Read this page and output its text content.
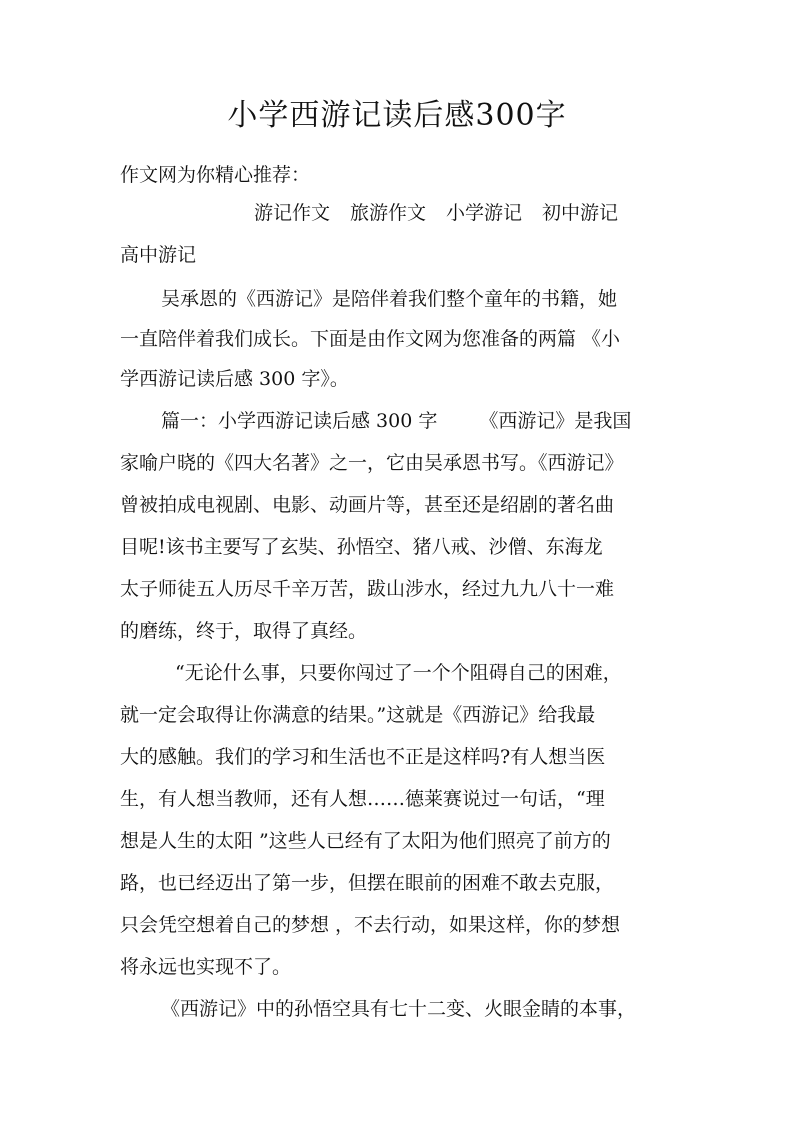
小学西游记读后感300字

作文网为你精心推荐：

游记作文 旅游作文 小学游记 初中游记

高中游记

吴承恩的《西游记》是陪伴着我们整个童年的书籍，她

一直陪伴着我们成长。下面是由作文网为您准备的两篇 《小

学西游记读后感 300 字》。

篇一：小学西游记读后感 300 字 《西游记》是我国

家喻户晓的《四大名著》之一，它由吴承恩书写。《西游记》

曾被拍成电视剧、电影、动画片等，甚至还是绍剧的著名曲

目呢!该书主要写了玄奘、孙悟空、猪八戒、沙僧、东海龙

太子师徒五人历尽千辛万苦，跋山涉水，经过九九八十一难

的磨练，终于，取得了真经。

“无论什么事，只要你闯过了一个个阻碍自己的困难，

就一定会取得让你满意的结果。”这就是《西游记》给我最

大的感触。我们的学习和生活也不正是这样吗?有人想当医

生，有人想当教师，还有人想……德莱赛说过一句话，“理

想是人生的太阳 ”这些人已经有了太阳为他们照亮了前方的

路，也已经迈出了第一步，但摆在眼前的困难不敢去克服，

只会凭空想着自己的梦想 ，不去行动，如果这样，你的梦想

将永远也实现不了。

《西游记》中的孙悟空具有七十二变、火眼金睛的本事，
